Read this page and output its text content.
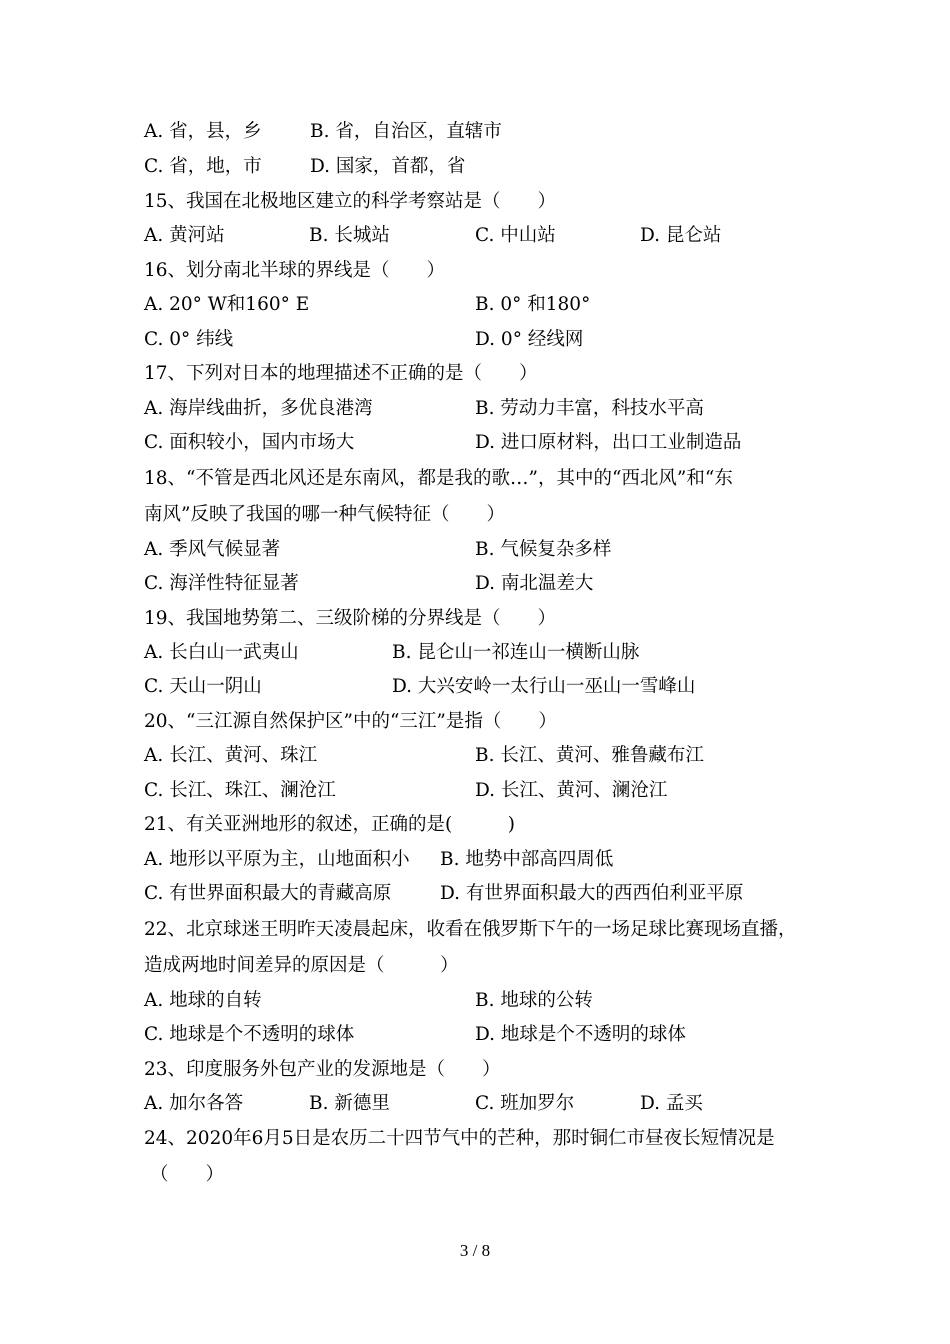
A. 省，县，乡	B. 省，自治区，直辖市
C. 省，地，市	D. 国家，首都，省
15、我国在北极地区建立的科学考察站是（　　）
A. 黄河站	B. 长城站	C. 中山站	D. 昆仑站
16、划分南北半球的界线是（　　）
A. 20° W和160° E	B. 0° 和180°
C. 0° 纬线	D. 0° 经线网
17、下列对日本的地理描述不正确的是（　　）
A. 海岸线曲折，多优良港湾	B. 劳动力丰富，科技水平高
C. 面积较小，国内市场大	D. 进口原材料，出口工业制造品
18、“不管是西北风还是东南风，都是我的歌…”，其中的“西北风”和“东
南风”反映了我国的哪一种气候特征（　　）
A. 季风气候显著	B. 气候复杂多样
C. 海洋性特征显著	D. 南北温差大
19、我国地势第二、三级阶梯的分界线是（　　）
A. 长白山一武夷山	B. 昆仑山一祁连山一横断山脉
C. 天山一阴山	D. 大兴安岭一太行山一巫山一雪峰山
20、“三江源自然保护区”中的“三江”是指（　　）
A. 长江、黄河、珠江	B. 长江、黄河、雅鲁藏布江
C. 长江、珠江、澜沧江	D. 长江、黄河、澜沧江
21、有关亚洲地形的叙述，正确的是(　　　)
A. 地形以平原为主，山地面积小 B. 地势中部高四周低
C. 有世界面积最大的青藏高原	D. 有世界面积最大的西西伯利亚平原
22、北京球迷王明昨天凌晨起床，收看在俄罗斯下午的一场足球比赛现场直播，
造成两地时间差异的原因是（　　　）
A. 地球的自转	B. 地球的公转
C. 地球是个不透明的球体	D. 地球是个不透明的球体
23、印度服务外包产业的发源地是（　　）
A. 加尔各答	B. 新德里	C. 班加罗尔	D. 孟买
24、2020年6月5日是农历二十四节气中的芒种，那时铜仁市昼夜长短情况是
（　　）
3 / 8
